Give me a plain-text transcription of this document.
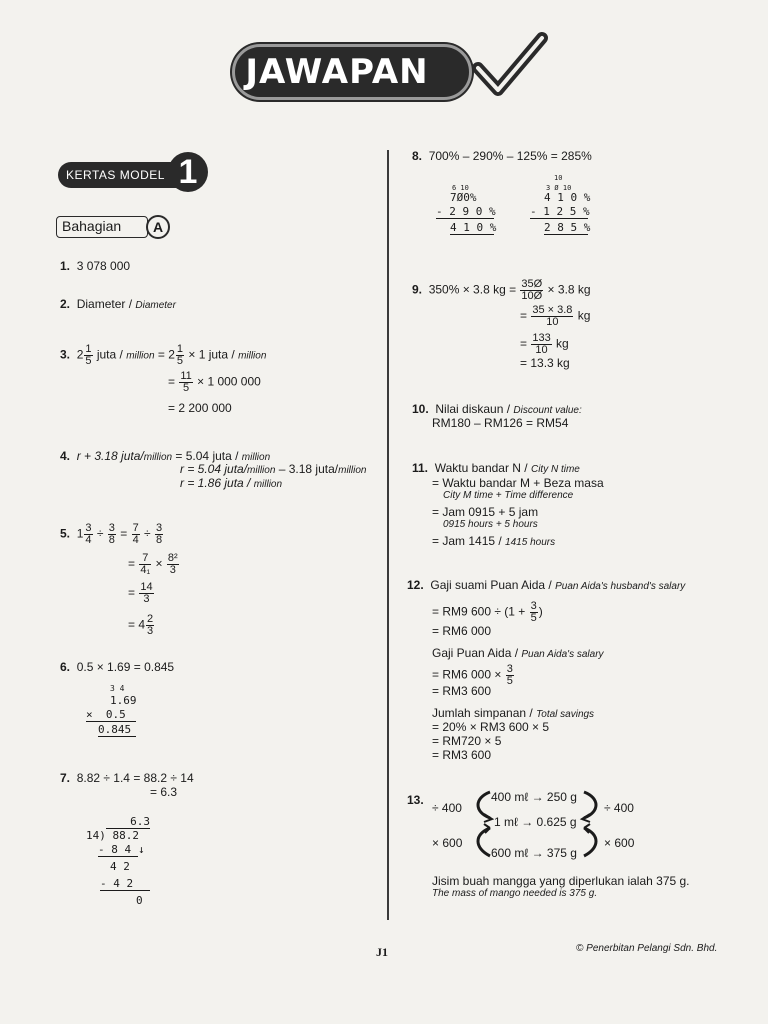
JAWAPAN
KERTAS MODEL 1
Bahagian	A
1. 3 078 000
2. Diameter / Diameter
3. $2 \frac{1}{5}$ juta / million = $2 \frac{1}{5} \times 1$ juta / million
= $\frac{11}{5} \times 1$ 000 000
= 2 200 000
4. r + 3.18 juta/million = 5.04 juta / million
r = 5.04 juta/million – 3.18 juta/million
r = 1.86 juta / million
5. $1 \frac{3}{4} \div \frac{3}{8} = \frac{7}{4} \div \frac{3}{8}$
= $\frac{7}{\text{4₁}} \times \frac{\text{8²}}{3}$
= $\frac{14}{3}$
= $4 \frac{2}{3}$
6. 0.5 × 1.69 = 0.845
3 4
1.69
×  0.5
0.845
7. 8.82 ÷ 1.4 = 88.2 ÷ 14
= 6.3
6.3
14) 88.2
- 8 4 ↓
4 2
- 4 2
0
8. 700% – 290% – 125% = 285%
6 10
7Ø0%
- 2 9 0 %
4 1 0 %
10
3 Ø 10
4 1 0 %
- 1 2 5 %
2 8 5 %
9. 350% × 3.8 kg = $\frac{35Ø}{10Ø} \times 3.8$ kg
= $\frac{35 \times 3.8}{10}$ kg
= $\frac{133}{10}$ kg
= 13.3 kg
10. Nilai diskaun / Discount value:
RM180 – RM126 = RM54
11. Waktu bandar N / City N time
= Waktu bandar M + Beza masa
City M time + Time difference
= Jam 0915 + 5 jam
0915 hours + 5 hours
= Jam 1415 / 1415 hours
12. Gaji suami Puan Aida / Puan Aida's husband's salary
= RM9 $600 \div (1 + \frac{3}{5}$ )
= RM6 000
Gaji Puan Aida / Puan Aida's salary
= RM6 $000 \times \frac{3}{5}$
= RM3 600
Jumlah simpanan / Total savings
= 20% × RM3 600 × 5
= RM720 × 5
= RM3 600
13.	400 mℓ → 250 g
1 mℓ → 0.625 g
600 mℓ → 375 g
÷ 400	÷ 400
× 600	× 600
Jisim buah mangga yang diperlukan ialah 375 g.
The mass of mango needed is 375 g.
J1	© Penerbitan Pelangi Sdn. Bhd.
